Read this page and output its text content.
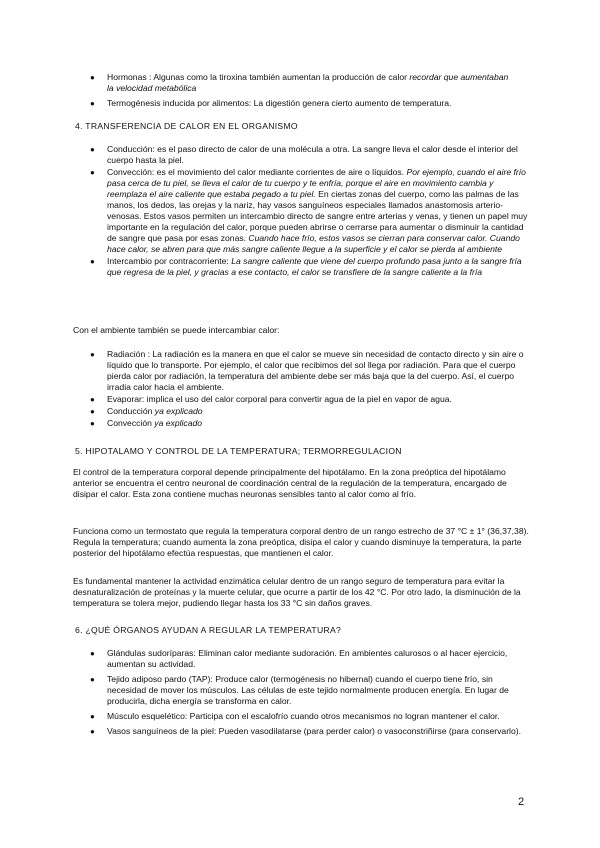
● Hormonas : Algunas como la tiroxina también aumentan la producción de calor recordar que aumentaban la velocidad metabólica
● Termogénesis inducida por alimentos: La digestión genera cierto aumento de temperatura.
4. TRANSFERENCIA DE CALOR EN EL ORGANISMO
● Conducción: es el paso directo de calor de una molécula a otra. La sangre lleva el calor desde el interior del cuerpo hasta la piel.
● Convección: es el movimiento del calor mediante corrientes de aire o líquidos. Por ejemplo, cuando el aire frío pasa cerca de tu piel, se lleva el calor de tu cuerpo y te enfría, porque el aire en movimiento cambia y reemplaza el aire caliente que estaba pegado a tu piel. En ciertas zonas del cuerpo, como las palmas de las manos, los dedos, las orejas y la nariz, hay vasos sanguíneos especiales llamados anastomosis arterio-venosas. Estos vasos permiten un intercambio directo de sangre entre arterias y venas, y tienen un papel muy importante en la regulación del calor, porque pueden abrirse o cerrarse para aumentar o disminuir la cantidad de sangre que pasa por esas zonas. Cuando hace frío, estos vasos se cierran para conservar calor. Cuando hace calor, se abren para que más sangre caliente llegue a la superficie y el calor se pierda al ambiente
● Intercambio por contracorriente: La sangre caliente que viene del cuerpo profundo pasa junto a la sangre fría que regresa de la piel, y gracias a ese contacto, el calor se transfiere de la sangre caliente a la fría
Con el ambiente también se puede intercambiar calor:
● Radiación : La radiación es la manera en que el calor se mueve sin necesidad de contacto directo y sin aire o líquido que lo transporte. Por ejemplo, el calor que recibimos del sol llega por radiación. Para que el cuerpo pierda calor por radiación, la temperatura del ambiente debe ser más baja que la del cuerpo. Así, el cuerpo irradia calor hacia el ambiente.
● Evaporar: implica el uso del calor corporal para convertir agua de la piel en vapor de agua.
● Conducción ya explicado
● Convección ya explicado
5. HIPOTALAMO Y CONTROL DE LA TEMPERATURA; TERMORREGULACION
El control de la temperatura corporal depende principalmente del hipotálamo. En la zona preóptica del hipotálamo anterior se encuentra el centro neuronal de coordinación central de la regulación de la temperatura, encargado de disipar el calor. Esta zona contiene muchas neuronas sensibles tanto al calor como al frío.
Funciona como un termostato que regula la temperatura corporal dentro de un rango estrecho de 37 °C ± 1° (36,37,38). Regula la temperatura; cuando aumenta la zona preóptica, disipa el calor y cuando disminuye la temperatura, la parte posterior del hipotálamo efectúa respuestas, que mantienen el calor.
Es fundamental mantener la actividad enzimática celular dentro de un rango seguro de temperatura para evitar la desnaturalización de proteínas y la muerte celular, que ocurre a partir de los 42 °C. Por otro lado, la disminución de la temperatura se tolera mejor, pudiendo llegar hasta los 33 °C sin daños graves.
6. ¿QUÉ ÓRGANOS AYUDAN A REGULAR LA TEMPERATURA?
● Glándulas sudoríparas: Eliminan calor mediante sudoración. En ambientes calurosos o al hacer ejercicio, aumentan su actividad.
● Tejido adiposo pardo (TAP): Produce calor (termogénesis no hibernal) cuando el cuerpo tiene frío, sin necesidad de mover los músculos. Las células de este tejido normalmente producen energía. En lugar de producirla, dicha energía se transforma en calor.
● Músculo esquelético: Participa con el escalofrío cuando otros mecanismos no logran mantener el calor.
● Vasos sanguíneos de la piel: Pueden vasodilatarse (para perder calor) o vasoconstriñirse (para conservarlo).
2
